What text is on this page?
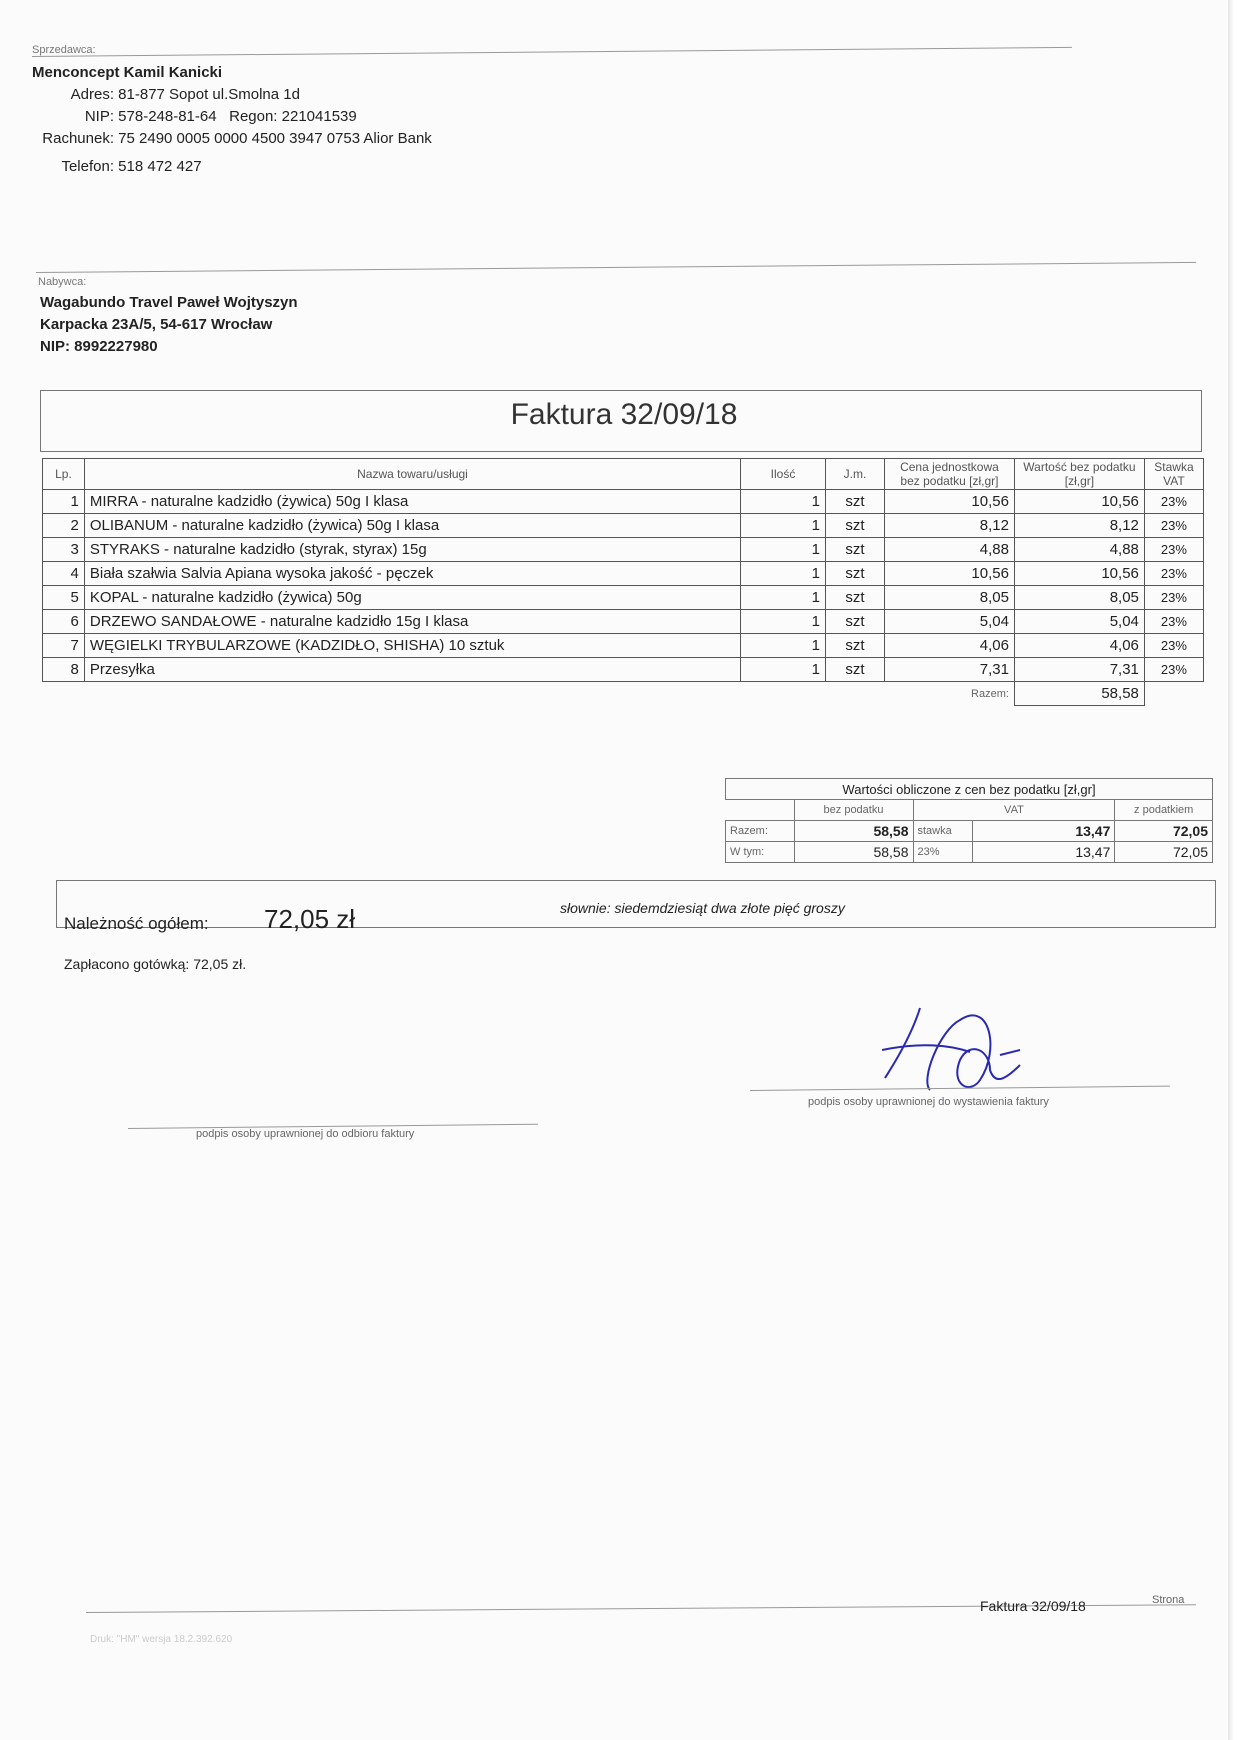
Sprzedawca:
Menconcept Kamil Kanicki
Adres: 81-877 Sopot ul.Smolna 1d
NIP: 578-248-81-64 Regon: 221041539
Rachunek: 75 2490 0005 0000 4500 3947 0753 Alior Bank
Telefon: 518 472 427
Nabywca:
Wagabundo Travel Paweł Wojtyszyn
Karpacka 23A/5, 54-617 Wrocław
NIP: 8992227980
Faktura 32/09/18
Lp.	Nazwa towaru/usługi	Ilość	J.m.	Cena jednostkowa bez podatku [zł,gr]	Wartość bez podatku [zł,gr]	Stawka VAT
1	MIRRA - naturalne kadzidło (żywica) 50g I klasa	1	szt	10,56	10,56	23%
2	OLIBANUM - naturalne kadzidło (żywica) 50g I klasa	1	szt	8,12	8,12	23%
3	STYRAKS - naturalne kadzidło (styrak, styrax) 15g	1	szt	4,88	4,88	23%
4	Biała szałwia Salvia Apiana wysoka jakość - pęczek	1	szt	10,56	10,56	23%
5	KOPAL - naturalne kadzidło (żywica) 50g	1	szt	8,05	8,05	23%
6	DRZEWO SANDAŁOWE - naturalne kadzidło 15g I klasa	1	szt	5,04	5,04	23%
7	WĘGIELKI TRYBULARZOWE (KADZIDŁO, SHISHA) 10 sztuk	1	szt	4,06	4,06	23%
8	Przesyłka	1	szt	7,31	7,31	23%
				Razem:	58,58	
Wartości obliczone z cen bez podatku [zł,gr]				
	bez podatku	VAT		z podatkiem
Razem:	58,58	stawka	13,47	72,05
W tym:	58,58	23%	13,47	72,05
Należność ogółem: 72,05 zł	słownie: siedemdziesiąt dwa złote pięć groszy
Zapłacono gotówką: 72,05 zł.
podpis osoby uprawnionej do wystawienia faktury
podpis osoby uprawnionej do odbioru faktury
Faktura 32/09/18	Strona
Druk: "HM" wersja 18.2.392.620
